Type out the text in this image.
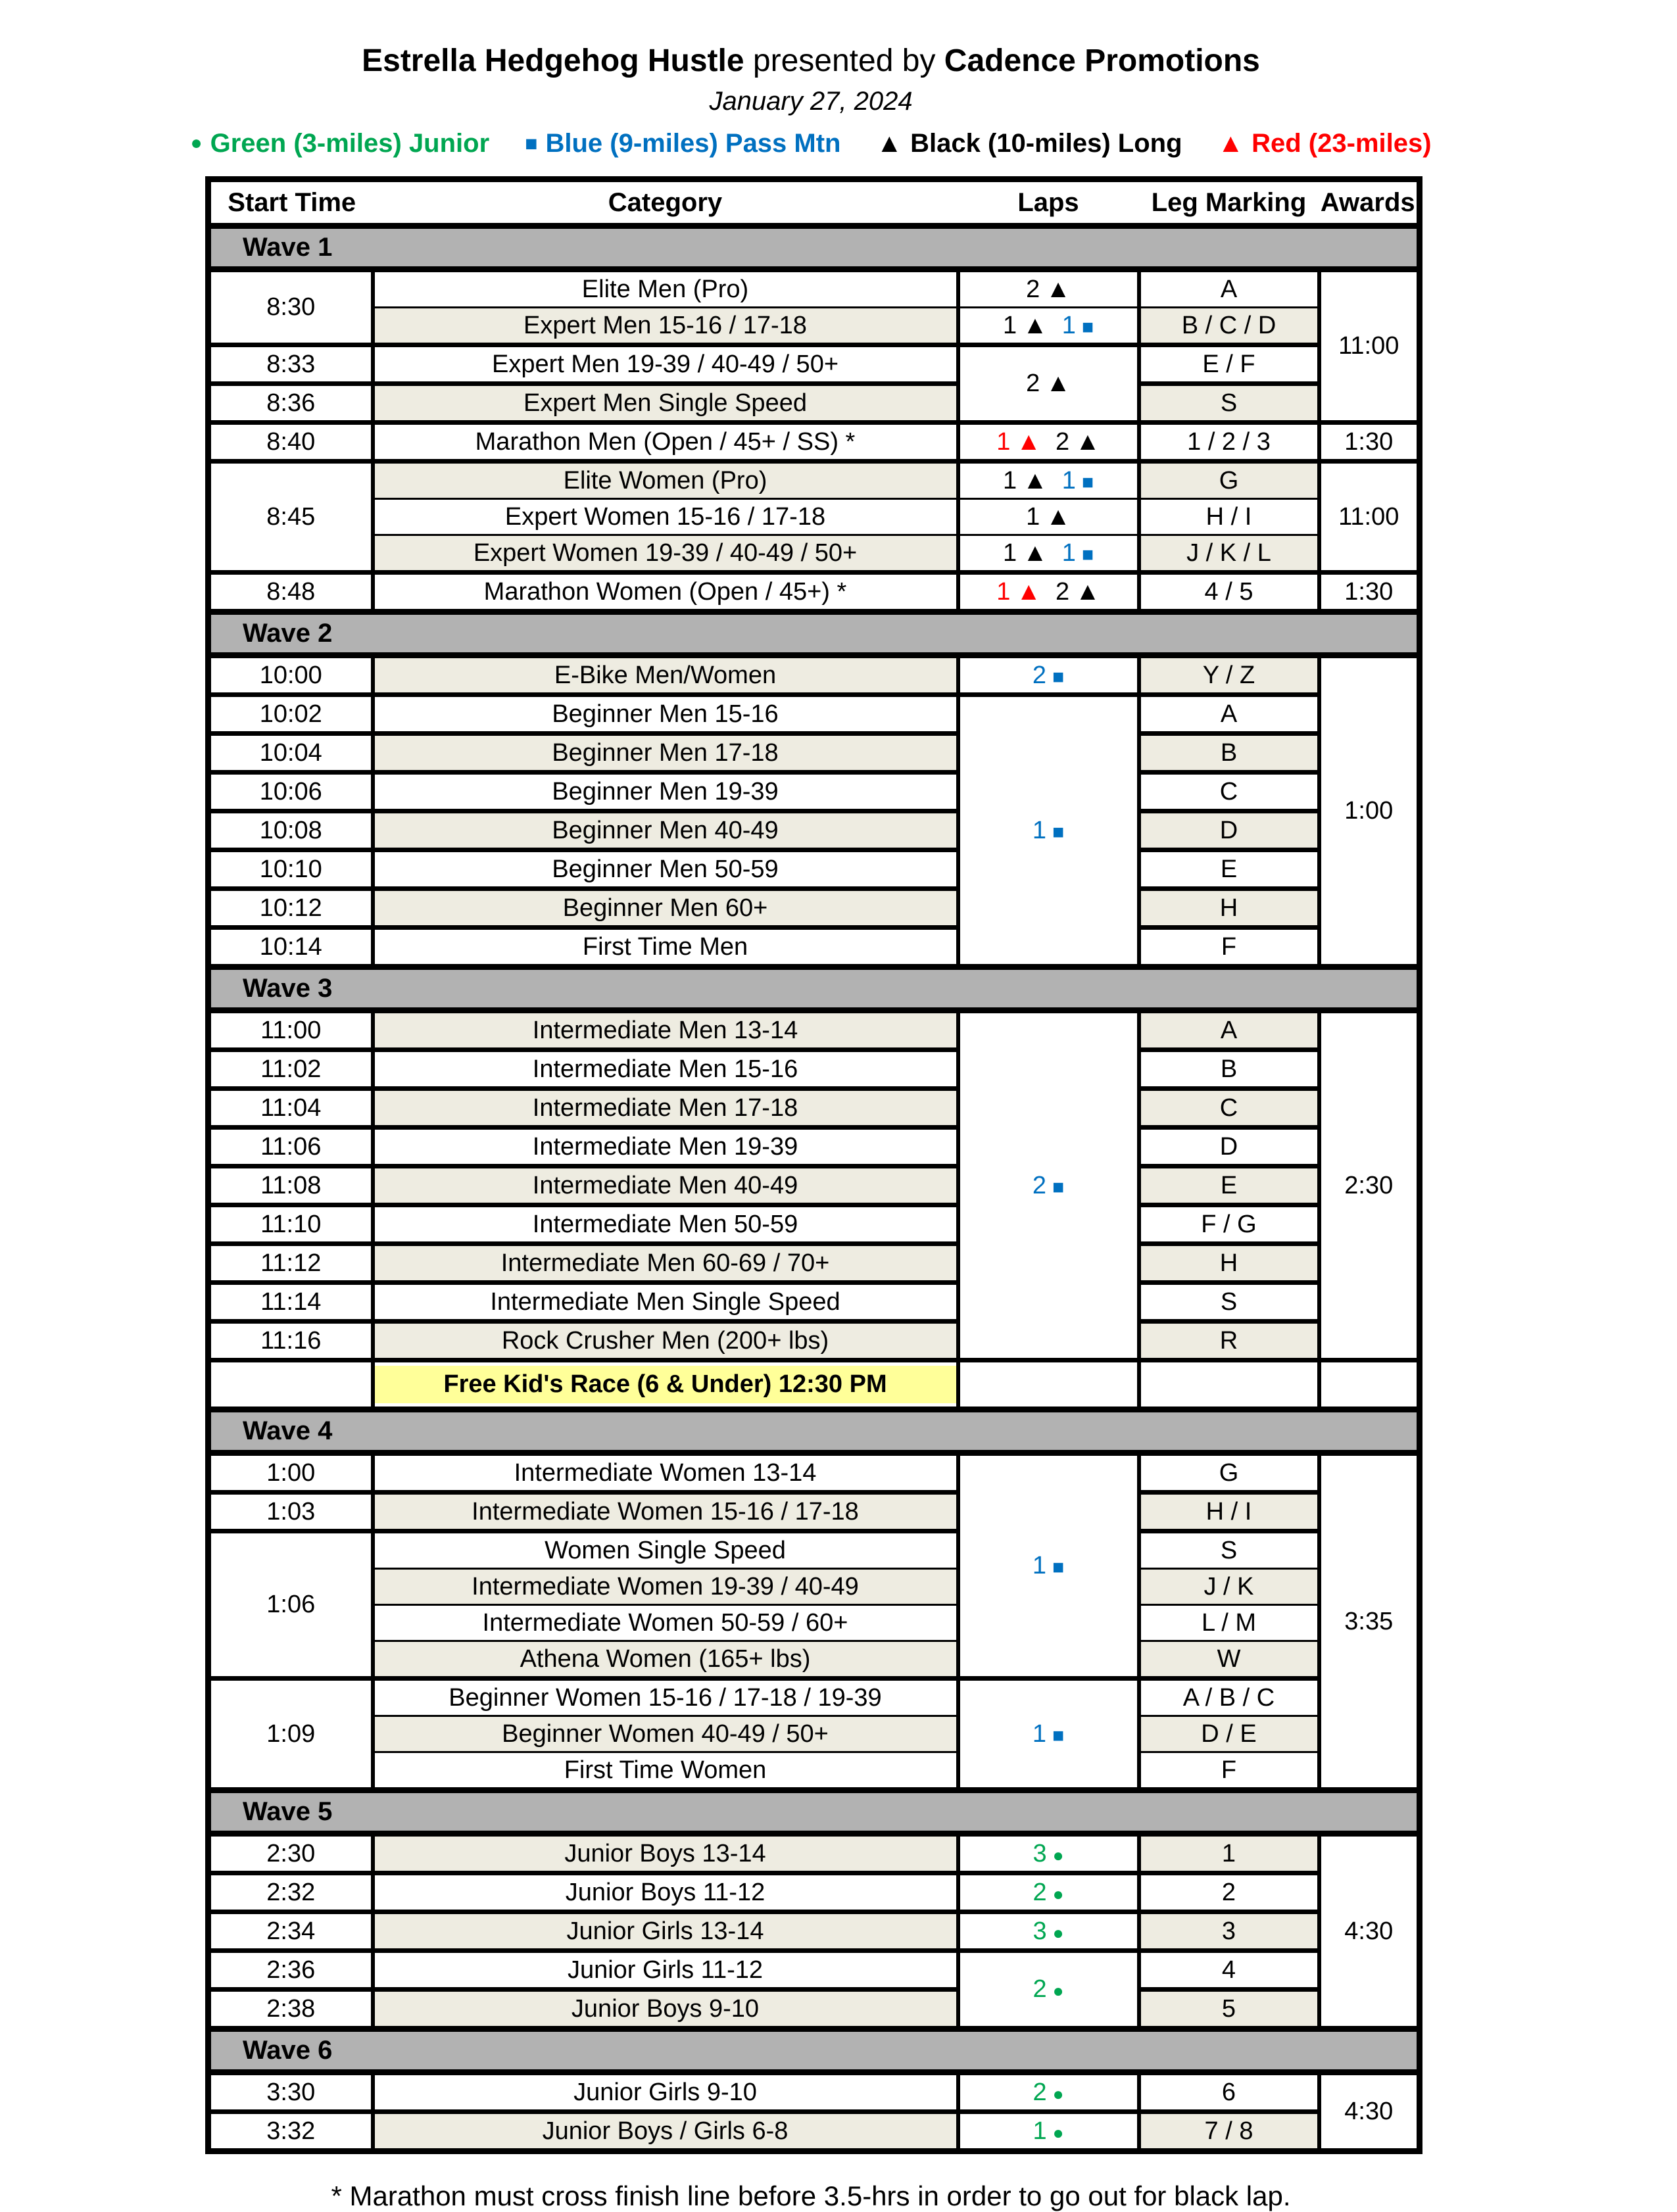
Estrella Hedgehog Hustle presented by Cadence Promotions
January 27, 2024
● Green (3-miles) Junior ■ Blue (9-miles) Pass Mtn ▲ Black (10-miles) Long ▲ Red (23-miles)
Start Time	Category	Laps	Leg Marking	Awards
Wave 1				
8:30	Elite Men (Pro)	2 ▲	A	11:00
	Expert Men 15-16 / 17-18	1 ▲ 1 ■	B / C / D	
8:33	Expert Men 19-39 / 40-49 / 50+	2 ▲	E / F	
8:36	Expert Men Single Speed		S	
8:40	Marathon Men (Open / 45+ / SS) *	1 ▲ 2 ▲	1 / 2 / 3	1:30
8:45	Elite Women (Pro)	1 ▲ 1 ■	G	11:00
	Expert Women 15-16 / 17-18	1 ▲	H / I	
	Expert Women 19-39 / 40-49 / 50+	1 ▲ 1 ■	J / K / L	
8:48	Marathon Women (Open / 45+) *	1 ▲ 2 ▲	4 / 5	1:30
Wave 2				
10:00	E-Bike Men/Women	2 ■	Y / Z	1:00
10:02	Beginner Men 15-16	1 ■	A	
10:04	Beginner Men 17-18		B	
10:06	Beginner Men 19-39		C	
10:08	Beginner Men 40-49		D	
10:10	Beginner Men 50-59		E	
10:12	Beginner Men 60+		H	
10:14	First Time Men		F	
Wave 3				
11:00	Intermediate Men 13-14	2 ■	A	2:30
11:02	Intermediate Men 15-16		B	
11:04	Intermediate Men 17-18		C	
11:06	Intermediate Men 19-39		D	
11:08	Intermediate Men 40-49		E	
11:10	Intermediate Men 50-59		F / G	
11:12	Intermediate Men 60-69 / 70+		H	
11:14	Intermediate Men Single Speed		S	
11:16	Rock Crusher Men (200+ lbs)		R	

	Free Kid's Race (6 & Under) 12:30 PM			

Wave 4				
1:00	Intermediate Women 13-14	1 ■	G	3:35
1:03	Intermediate Women 15-16 / 17-18		H / I	
1:06	Women Single Speed		S	
	Intermediate Women 19-39 / 40-49		J / K	
	Intermediate Women 50-59 / 60+		L / M	
	Athena Women (165+ lbs)		W	
1:09	Beginner Women 15-16 / 17-18 / 19-39	1 ■	A / B / C	
	Beginner Women 40-49 / 50+		D / E	
	First Time Women		F	
Wave 5				
2:30	Junior Boys 13-14	3 ●	1	4:30
2:32	Junior Boys 11-12	2 ●	2	
2:34	Junior Girls 13-14	3 ●	3	
2:36	Junior Girls 11-12	2 ●	4	
2:38	Junior Boys 9-10		5	
Wave 6				
3:30	Junior Girls 9-10	2 ●	6	4:30
3:32	Junior Boys / Girls 6-8	1 ●	7 / 8	
* Marathon must cross finish line before 3.5-hrs in order to go out for black lap.
